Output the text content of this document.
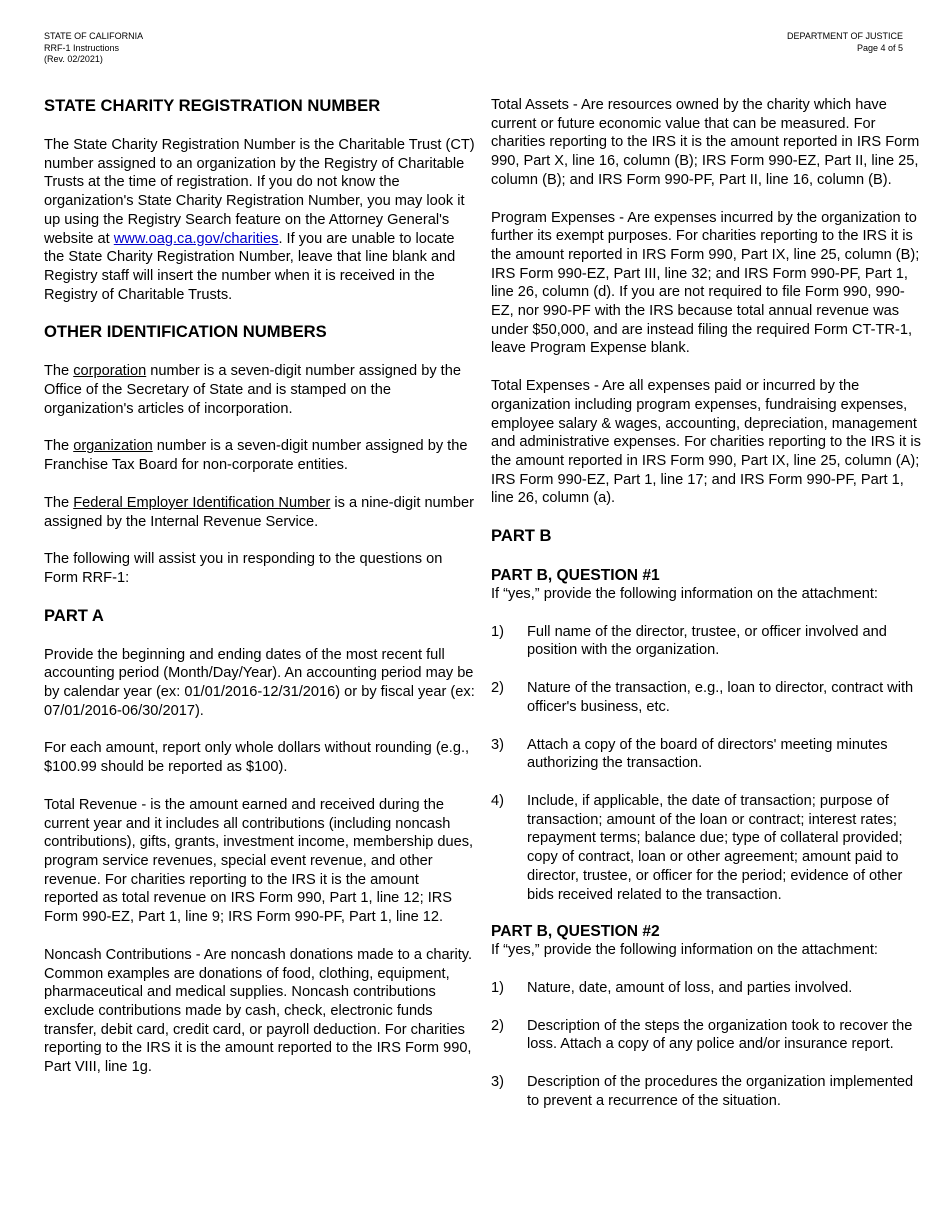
STATE OF CALIFORNIA
RRF-1 Instructions
(Rev. 02/2021)
DEPARTMENT OF JUSTICE
Page 4 of 5
STATE CHARITY REGISTRATION NUMBER

The State Charity Registration Number is the Charitable Trust (CT) number assigned to an organization by the Registry of Charitable Trusts at the time of registration. If you do not know the organization's State Charity Registration Number, you may look it up using the Registry Search feature on the Attorney General's website at www.oag.ca.gov/charities. If you are unable to locate the State Charity Registration Number, leave that line blank and Registry staff will insert the number when it is received in the Registry of Charitable Trusts.

OTHER IDENTIFICATION NUMBERS

The corporation number is a seven-digit number assigned by the Office of the Secretary of State and is stamped on the organization's articles of incorporation.

The organization number is a seven-digit number assigned by the Franchise Tax Board for non-corporate entities.

The Federal Employer Identification Number is a nine-digit number assigned by the Internal Revenue Service.

The following will assist you in responding to the questions on Form RRF-1:

PART A

Provide the beginning and ending dates of the most recent full accounting period (Month/Day/Year). An accounting period may be by calendar year (ex: 01/01/2016-12/31/2016) or by fiscal year (ex: 07/01/2016-06/30/2017).

For each amount, report only whole dollars without rounding (e.g., $100.99 should be reported as $100).

Total Revenue - is the amount earned and received during the current year and it includes all contributions (including noncash contributions), gifts, grants, investment income, membership dues, program service revenues, special event revenue, and other revenue. For charities reporting to the IRS it is the amount reported as total revenue on IRS Form 990, Part 1, line 12; IRS Form 990-EZ, Part 1, line 9; IRS Form 990-PF, Part 1, line 12.

Noncash Contributions - Are noncash donations made to a charity. Common examples are donations of food, clothing, equipment, pharmaceutical and medical supplies. Noncash contributions exclude contributions made by cash, check, electronic funds transfer, debit card, credit card, or payroll deduction. For charities reporting to the IRS it is the amount reported to the IRS Form 990, Part VIII, line 1g.

Total Assets - Are resources owned by the charity which have current or future economic value that can be measured. For charities reporting to the IRS it is the amount reported in IRS Form 990, Part X, line 16, column (B); IRS Form 990-EZ, Part II, line 25, column (B); and IRS Form 990-PF, Part II, line 16, column (B).

Program Expenses - Are expenses incurred by the organization to further its exempt purposes. For charities reporting to the IRS it is the amount reported in IRS Form 990, Part IX, line 25, column (B); IRS Form 990-EZ, Part III, line 32; and IRS Form 990-PF, Part 1, line 26, column (d). If you are not required to file Form 990, 990-EZ, nor 990-PF with the IRS because total annual revenue was under $50,000, and are instead filing the required Form CT-TR-1, leave Program Expense blank.

Total Expenses - Are all expenses paid or incurred by the organization including program expenses, fundraising expenses, employee salary & wages, accounting, depreciation, management and administrative expenses. For charities reporting to the IRS it is the amount reported in IRS Form 990, Part IX, line 25, column (A); IRS Form 990-EZ, Part 1, line 17; and IRS Form 990-PF, Part 1, line 26, column (a).

PART B
PART B, QUESTION #1

If “yes,” provide the following information on the attachment:

1)	Full name of the director, trustee, or officer involved and position with the organization.
2)	Nature of the transaction, e.g., loan to director, contract with officer's business, etc.
3)	Attach a copy of the board of directors' meeting minutes authorizing the transaction.
4)	Include, if applicable, the date of transaction; purpose of transaction; amount of the loan or contract; interest rates; repayment terms; balance due; type of collateral provided; copy of contract, loan or other agreement; amount paid to director, trustee, or officer for the period; evidence of other bids received related to the transaction.
PART B, QUESTION #2

If “yes,” provide the following information on the attachment:

1)	Nature, date, amount of loss, and parties involved.
2)	Description of the steps the organization took to recover the loss. Attach a copy of any police and/or insurance report.
3)	Description of the procedures the organization implemented to prevent a recurrence of the situation.
